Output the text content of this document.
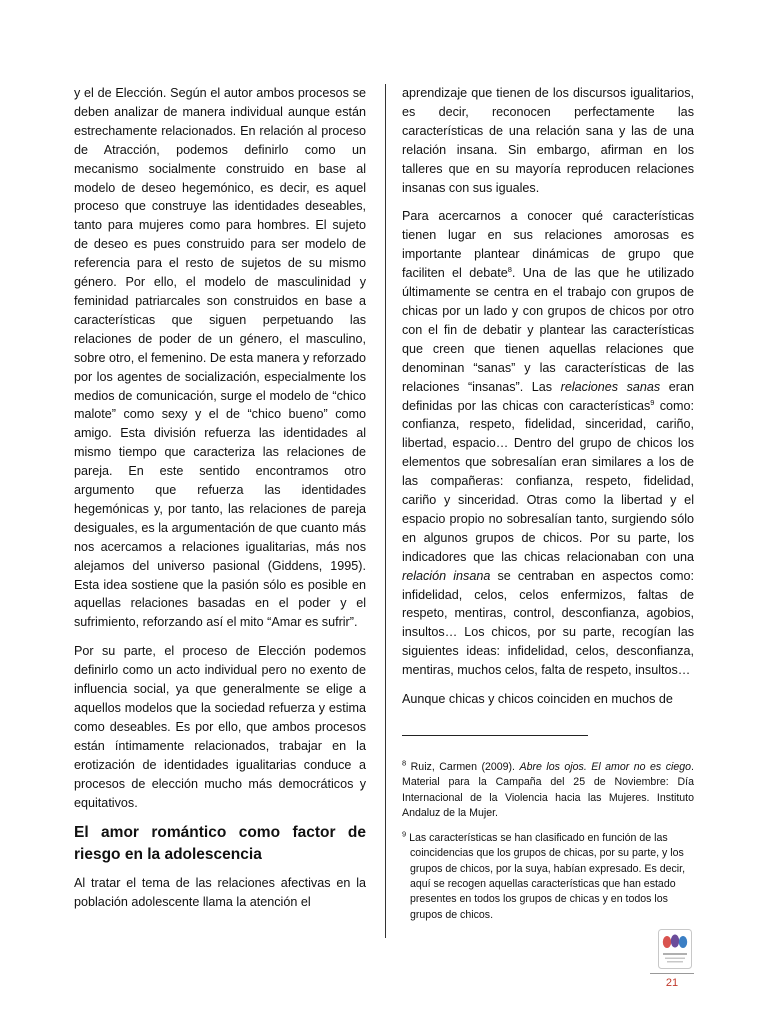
y el de Elección. Según el autor ambos procesos se deben analizar de manera individual aunque están estrechamente relacionados. En relación al proceso de Atracción, podemos definirlo como un mecanismo socialmente construido en base al modelo de deseo hegemónico, es decir, es aquel proceso que construye las identidades deseables, tanto para mujeres como para hombres. El sujeto de deseo es pues construido para ser modelo de referencia para el resto de sujetos de su mismo género. Por ello, el modelo de masculinidad y feminidad patriarcales son construidos en base a características que siguen perpetuando las relaciones de poder de un género, el masculino, sobre otro, el femenino. De esta manera y reforzado por los agentes de socialización, especialmente los medios de comunicación, surge el modelo de “chico malote” como sexy y el de “chico bueno” como amigo. Esta división refuerza las identidades al mismo tiempo que caracteriza las relaciones de pareja. En este sentido encontramos otro argumento que refuerza las identidades hegemónicas y, por tanto, las relaciones de pareja desiguales, es la argumentación de que cuanto más nos acercamos a relaciones igualitarias, más nos alejamos del universo pasional (Giddens, 1995). Esta idea sostiene que la pasión sólo es posible en aquellas relaciones basadas en el poder y el sufrimiento, reforzando así el mito “Amar es sufrir”.

Por su parte, el proceso de Elección podemos definirlo como un acto individual pero no exento de influencia social, ya que generalmente se elige a aquellos modelos que la sociedad refuerza y estima como deseables. Es por ello, que ambos procesos están íntimamente relacionados, trabajar en la erotización de identidades igualitarias conduce a procesos de elección mucho más democráticos y equitativos.

El amor romántico como factor de riesgo en la adolescencia

Al tratar el tema de las relaciones afectivas en la población adolescente llama la atención el

aprendizaje que tienen de los discursos igualitarios, es decir, reconocen perfectamente las características de una relación sana y las de una relación insana. Sin embargo, afirman en los talleres que en su mayoría reproducen relaciones insanas con sus iguales.

Para acercarnos a conocer qué características tienen lugar en sus relaciones amorosas es importante plantear dinámicas de grupo que faciliten el debate$^8$. Una de las que he utilizado últimamente se centra en el trabajo con grupos de chicas por un lado y con grupos de chicos por otro con el fin de debatir y plantear las características que creen que tienen aquellas relaciones que denominan “sanas” y las características de las relaciones “insanas”. Las relaciones sanas eran definidas por las chicas con características$^9$ como: confianza, respeto, fidelidad, sinceridad, cariño, libertad, espacio… Dentro del grupo de chicos los elementos que sobresalían eran similares a los de las compañeras: confianza, respeto, fidelidad, cariño y sinceridad. Otras como la libertad y el espacio propio no sobresalían tanto, surgiendo sólo en algunos grupos de chicos. Por su parte, los indicadores que las chicas relacionaban con una relación insana se centraban en aspectos como: infidelidad, celos, celos enfermizos, faltas de respeto, mentiras, control, desconfianza, agobios, insultos… Los chicos, por su parte, recogían las siguientes ideas: infidelidad, celos, desconfianza, mentiras, muchos celos, falta de respeto, insultos…

Aunque chicas y chicos coinciden en muchos de

$^8$ Ruiz, Carmen (2009). Abre los ojos. El amor no es ciego. Material para la Campaña del 25 de Noviembre: Día Internacional de la Violencia hacia las Mujeres. Instituto Andaluz de la Mujer.
$^9$ Las características se han clasificado en función de las coincidencias que los grupos de chicas, por su parte, y los grupos de chicos, por la suya, habían expresado. Es decir, aquí se recogen aquellas características que han estado presentes en todos los grupos de chicas y en todos los grupos de chicos.
21
